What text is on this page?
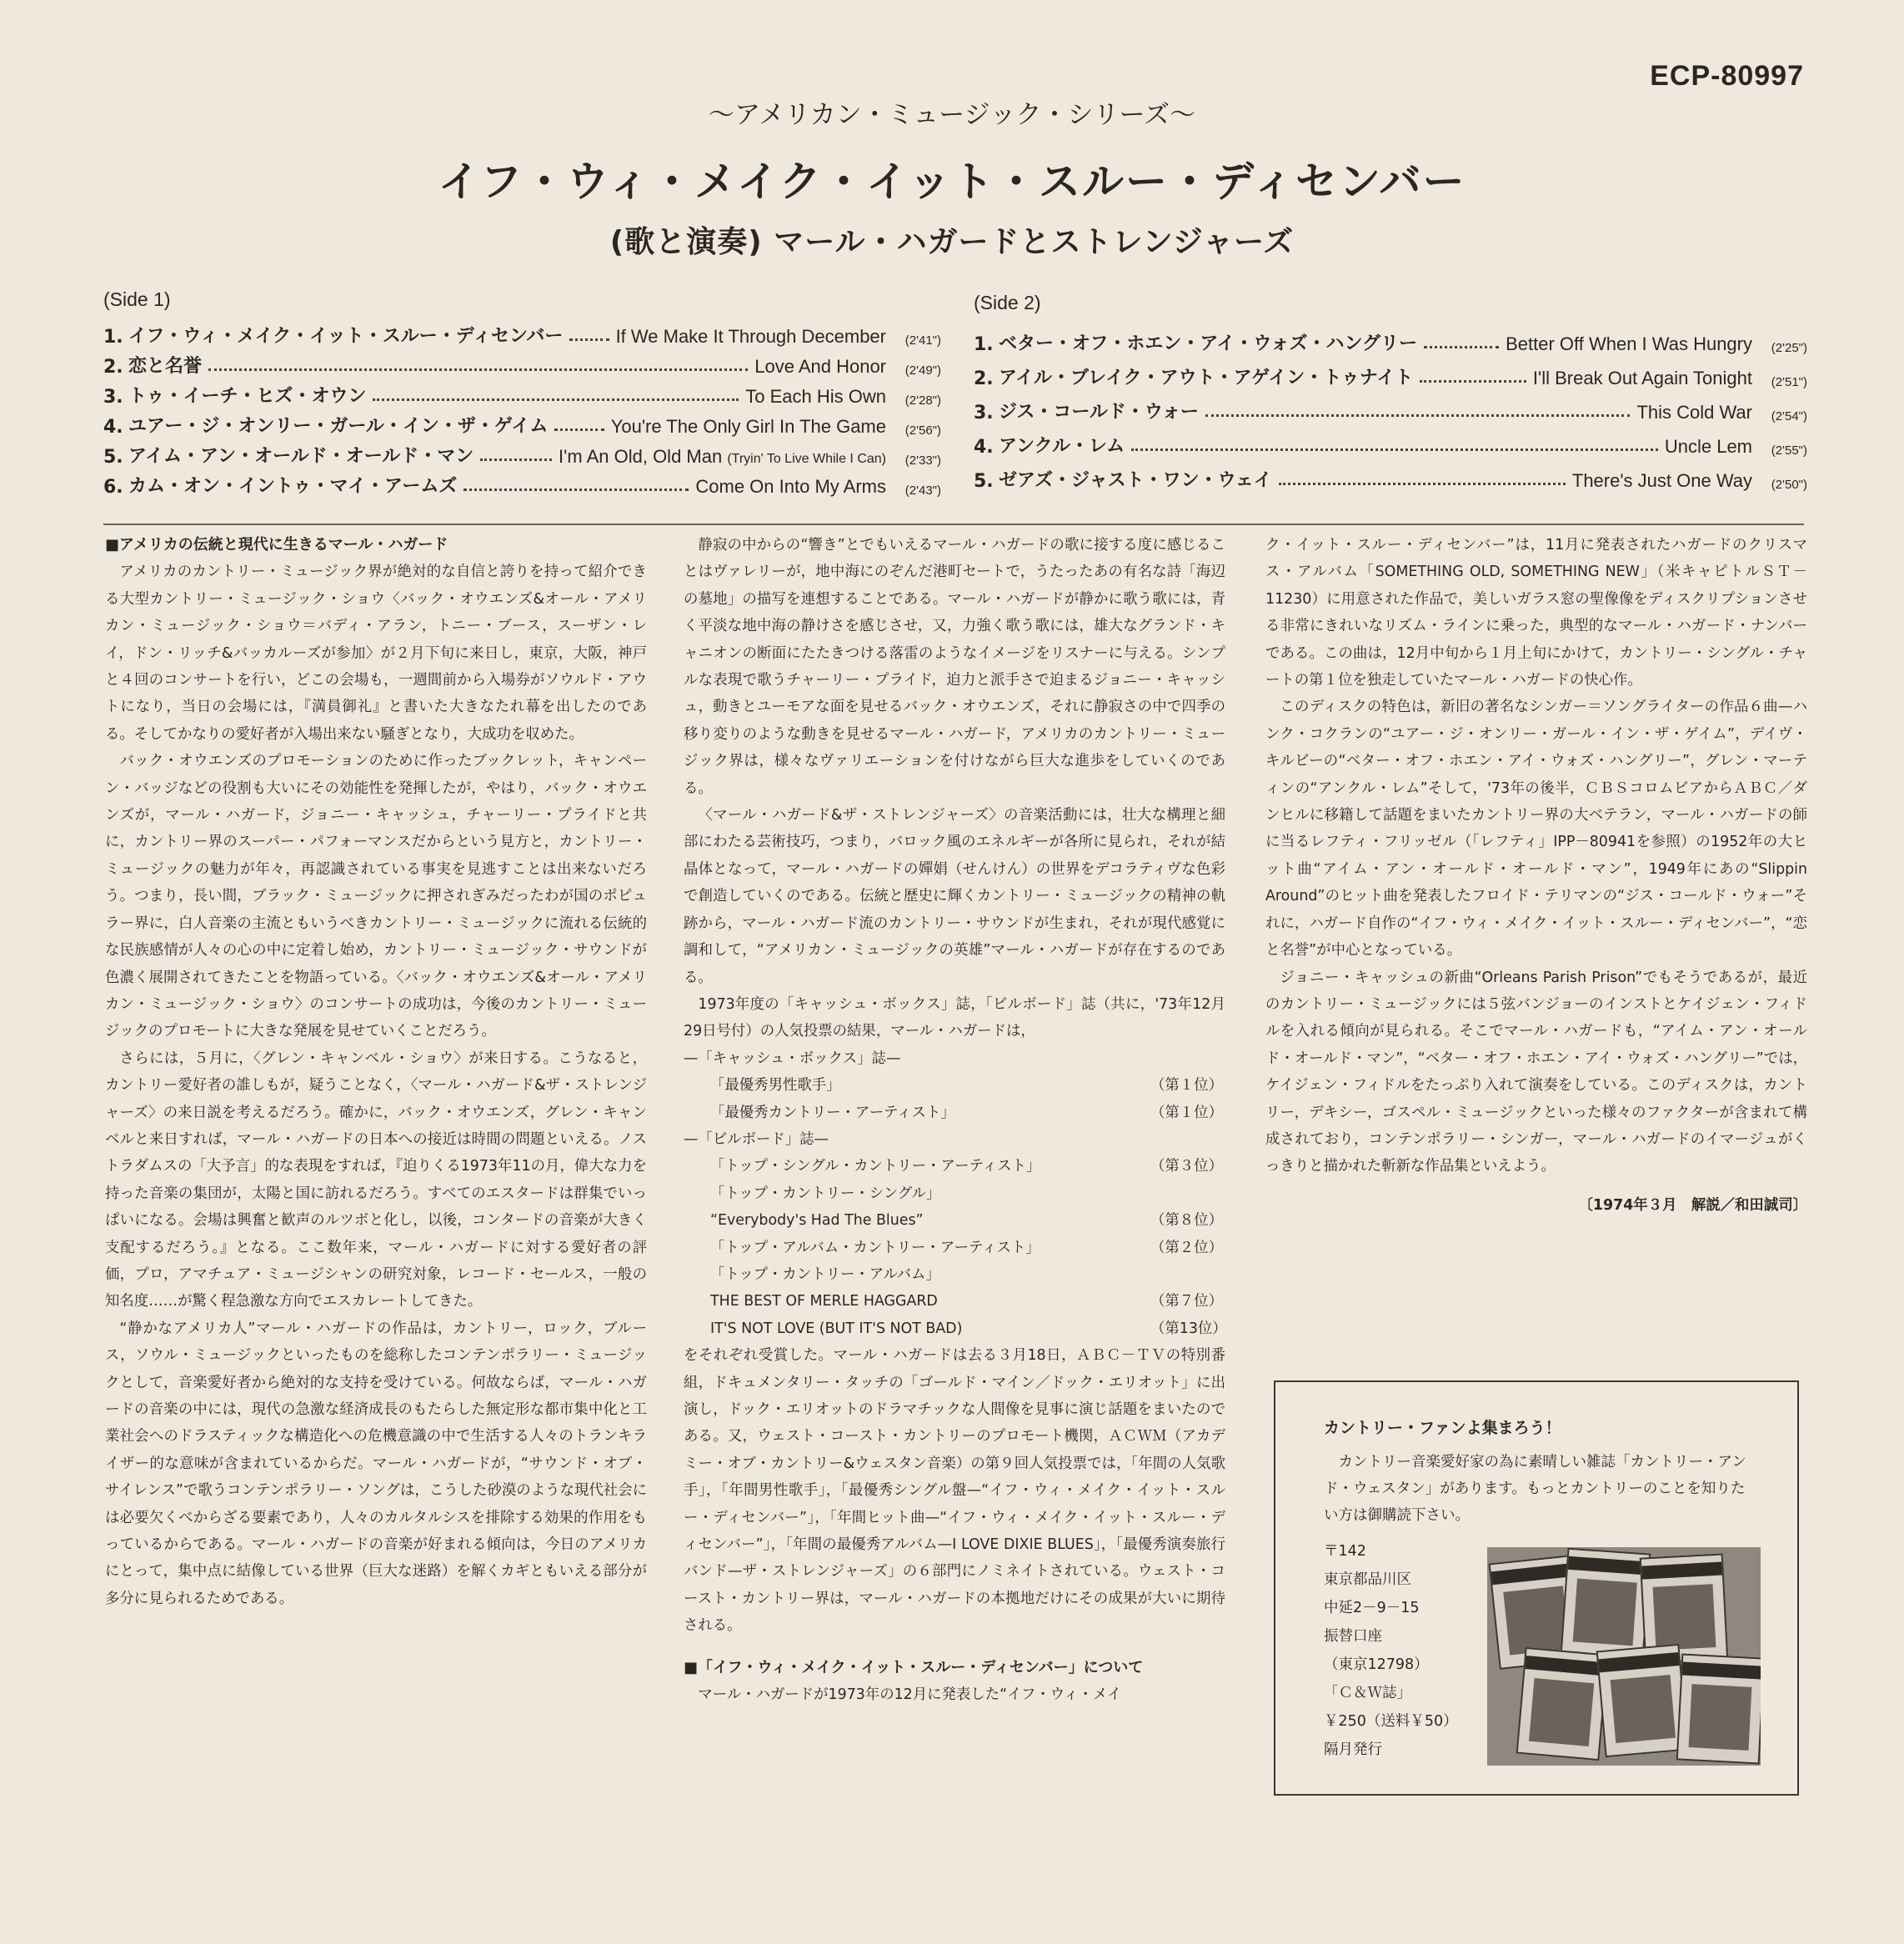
ECP-80997
〜アメリカン・ミュージック・シリーズ〜
イフ・ウィ・メイク・イット・スルー・ディセンバー
(歌と演奏) マール・ハガードとストレンジャーズ
(Side 1)
1. イフ・ウィ・メイク・イット・スルー・ディセンバー	If We Make It Through December	(2'41")
2. 恋と名誉	Love And Honor	(2'49")
3. トゥ・イーチ・ヒズ・オウン	To Each His Own	(2'28")
4. ユアー・ジ・オンリー・ガール・イン・ザ・ゲイム	You're The Only Girl In The Game	(2'56")
5. アイム・アン・オールド・オールド・マン	I'm An Old, Old Man (Tryin' To Live While I Can)	(2'33")
6. カム・オン・イントゥ・マイ・アームズ	Come On Into My Arms	(2'43")
(Side 2)
1. ベター・オフ・ホエン・アイ・ウォズ・ハングリー	Better Off When I Was Hungry	(2'25")
2. アイル・ブレイク・アウト・アゲイン・トゥナイト	I'll Break Out Again Tonight	(2'51")
3. ジス・コールド・ウォー	This Cold War	(2'54")
4. アンクル・レム	Uncle Lem	(2'55")
5. ゼアズ・ジャスト・ワン・ウェイ	There's Just One Way	(2'50")

■アメリカの伝統と現代に生きるマール・ハガード

アメリカのカントリー・ミュージック界が絶対的な自信と誇りを持って紹介できる大型カントリー・ミュージック・ショウ〈バック・オウエンズ&オール・アメリカン・ミュージック・ショウ＝バディ・アラン，トニー・ブース，スーザン・レイ，ドン・リッチ&バッカルーズが参加〉が２月下旬に来日し，東京，大阪，神戸と４回のコンサートを行い，どこの会場も，一週間前から入場券がソウルド・アウトになり，当日の会場には，『満員御礼』と書いた大きなたれ幕を出したのである。そしてかなりの愛好者が入場出来ない騒ぎとなり，大成功を収めた。

バック・オウエンズのプロモーションのために作ったブックレット，キャンペーン・バッジなどの役割も大いにその効能性を発揮したが，やはり，バック・オウエンズが，マール・ハガード，ジョニー・キャッシュ，チャーリー・プライドと共に，カントリー界のスーパー・パフォーマンスだからという見方と，カントリー・ミュージックの魅力が年々，再認識されている事実を見逃すことは出来ないだろう。つまり，長い間，ブラック・ミュージックに押されぎみだったわが国のポピュラー界に，白人音楽の主流ともいうべきカントリー・ミュージックに流れる伝統的な民族感情が人々の心の中に定着し始め，カントリー・ミュージック・サウンドが色濃く展開されてきたことを物語っている。〈バック・オウエンズ&オール・アメリカン・ミュージック・ショウ〉のコンサートの成功は，今後のカントリー・ミュージックのプロモートに大きな発展を見せていくことだろう。

さらには，５月に，〈グレン・キャンベル・ショウ〉が来日する。こうなると，カントリー愛好者の誰しもが，疑うことなく，〈マール・ハガード&ザ・ストレンジャーズ〉の来日説を考えるだろう。確かに，バック・オウエンズ，グレン・キャンベルと来日すれば，マール・ハガードの日本への接近は時間の問題といえる。ノストラダムスの「大予言」的な表現をすれば，『迫りくる1973年11の月，偉大な力を持った音楽の集団が，太陽と国に訪れるだろう。すべてのエスタードは群集でいっぱいになる。会場は興奮と歓声のルツボと化し，以後，コンタードの音楽が大きく支配するだろう。』となる。ここ数年来，マール・ハガードに対する愛好者の評価，プロ，アマチュア・ミュージシャンの研究対象，レコード・セールス，一般の知名度……が驚く程急激な方向でエスカレートしてきた。

“静かなアメリカ人”マール・ハガードの作品は，カントリー，ロック，ブルース，ソウル・ミュージックといったものを総称したコンテンポラリー・ミュージックとして，音楽愛好者から絶対的な支持を受けている。何故ならば，マール・ハガードの音楽の中には，現代の急激な経済成長のもたらした無定形な都市集中化と工業社会へのドラスティックな構造化への危機意識の中で生活する人々のトランキライザー的な意味が含まれているからだ。マール・ハガードが，“サウンド・オブ・サイレンス”で歌うコンテンポラリー・ソングは，こうした砂漠のような現代社会には必要欠くべからざる要素であり，人々のカルタルシスを排除する効果的作用をもっているからである。マール・ハガードの音楽が好まれる傾向は，今日のアメリカにとって，集中点に結像している世界（巨大な迷路）を解くカギともいえる部分が多分に見られるためである。

静寂の中からの“響き”とでもいえるマール・ハガードの歌に接する度に感じることはヴァレリーが，地中海にのぞんだ港町セートで，うたったあの有名な詩「海辺の墓地」の描写を連想することである。マール・ハガードが静かに歌う歌には，青く平淡な地中海の静けさを感じさせ，又，力強く歌う歌には，雄大なグランド・キャニオンの断面にたたきつける落雷のようなイメージをリスナーに与える。シンプルな表現で歌うチャーリー・プライド，迫力と派手さで迫まるジョニー・キャッシュ，動きとユーモアな面を見せるバック・オウエンズ，それに静寂さの中で四季の移り変りのような動きを見せるマール・ハガード，アメリカのカントリー・ミュージック界は，様々なヴァリエーションを付けながら巨大な進歩をしていくのである。

〈マール・ハガード&ザ・ストレンジャーズ〉の音楽活動には，壮大な構理と細部にわたる芸術技巧，つまり，バロック風のエネルギーが各所に見られ，それが結晶体となって，マール・ハガードの嬋娟（せんけん）の世界をデコラティヴな色彩で創造していくのである。伝統と歴史に輝くカントリー・ミュージックの精神の軌跡から，マール・ハガード流のカントリー・サウンドが生まれ，それが現代感覚に調和して，“アメリカン・ミュージックの英雄”マール・ハガードが存在するのである。

1973年度の「キャッシュ・ボックス」誌，「ビルボード」誌（共に，'73年12月29日号付）の人気投票の結果，マール・ハガードは，

—「キャッシュ・ボックス」誌—
「最優秀男性歌手」	（第１位）
「最優秀カントリー・アーティスト」	（第１位）
—「ビルボード」誌—
「トップ・シングル・カントリー・アーティスト」	（第３位）
「トップ・カントリー・シングル」
“Everybody's Had The Blues”	（第８位）
「トップ・アルバム・カントリー・アーティスト」	（第２位）
「トップ・カントリー・アルバム」
THE BEST OF MERLE HAGGARD	（第７位）
IT'S NOT LOVE (BUT IT'S NOT BAD)	（第13位）

をそれぞれ受賞した。マール・ハガードは去る３月18日，ＡＢＣ－ＴＶの特別番組，ドキュメンタリー・タッチの「ゴールド・マイン／ドック・エリオット」に出演し，ドック・エリオットのドラマチックな人間像を見事に演じ話題をまいたのである。又，ウェスト・コースト・カントリーのプロモート機関，ＡＣＷＭ（アカデミー・オブ・カントリー&ウェスタン音楽）の第９回人気投票では，「年間の人気歌手」，「年間男性歌手」，「最優秀シングル盤—“イフ・ウィ・メイク・イット・スルー・ディセンバー”」，「年間ヒット曲—“イフ・ウィ・メイク・イット・スルー・ディセンバー”」，「年間の最優秀アルバム—I LOVE DIXIE BLUES」，「最優秀演奏旅行バンド—ザ・ストレンジャーズ」の６部門にノミネイトされている。ウェスト・コースト・カントリー界は，マール・ハガードの本拠地だけにその成果が大いに期待される。

■「イフ・ウィ・メイク・イット・スルー・ディセンバー」について

マール・ハガードが1973年の12月に発表した“イフ・ウィ・メイ

ク・イット・スルー・ディセンバー”は，11月に発表されたハガードのクリスマス・アルバム「SOMETHING OLD, SOMETHING NEW」（米キャピトルＳＴ－11230）に用意された作品で，美しいガラス窓の聖像像をディスクリプションさせる非常にきれいなリズム・ラインに乗った，典型的なマール・ハガード・ナンバーである。この曲は，12月中旬から１月上旬にかけて，カントリー・シングル・チャートの第１位を独走していたマール・ハガードの快心作。

このディスクの特色は，新旧の著名なシンガー＝ソングライターの作品６曲—ハンク・コクランの“ユアー・ジ・オンリー・ガール・イン・ザ・ゲイム”，デイヴ・キルビーの“ベター・オフ・ホエン・アイ・ウォズ・ハングリー”，グレン・マーティンの“アンクル・レム”そして，'73年の後半，ＣＢＳコロムビアからＡＢＣ／ダンヒルに移籍して話題をまいたカントリー界の大ベテラン，マール・ハガードの師に当るレフティ・フリッゼル（「レフティ」IPP－80941を参照）の1952年の大ヒット曲“アイム・アン・オールド・オールド・マン”，1949年にあの“Slippin Around”のヒット曲を発表したフロイド・テリマンの“ジス・コールド・ウォー”それに，ハガード自作の“イフ・ウィ・メイク・イット・スルー・ディセンバー”，“恋と名誉”が中心となっている。

ジョニー・キャッシュの新曲“Orleans Parish Prison”でもそうであるが，最近のカントリー・ミュージックには５弦バンジョーのインストとケイジェン・フィドルを入れる傾向が見られる。そこでマール・ハガードも，“アイム・アン・オールド・オールド・マン”，“ベター・オフ・ホエン・アイ・ウォズ・ハングリー”では，ケイジェン・フィドルをたっぷり入れて演奏をしている。このディスクは，カントリー，デキシー，ゴスペル・ミュージックといった様々のファクターが含まれて構成されており，コンテンポラリー・シンガー，マール・ハガードのイマージュがくっきりと描かれた斬新な作品集といえよう。

〔1974年３月　解説／和田誠司〕
カントリー・ファンよ集まろう！
カントリー音楽愛好家の為に素晴しい雑誌「カントリー・アンド・ウェスタン」があります。もっとカントリーのことを知りたい方は御購読下さい。
〒142
東京都品川区
中延2－9－15
振替口座
（東京12798）
「Ｃ＆Ｗ誌」
￥250（送料￥50）
隔月発行
